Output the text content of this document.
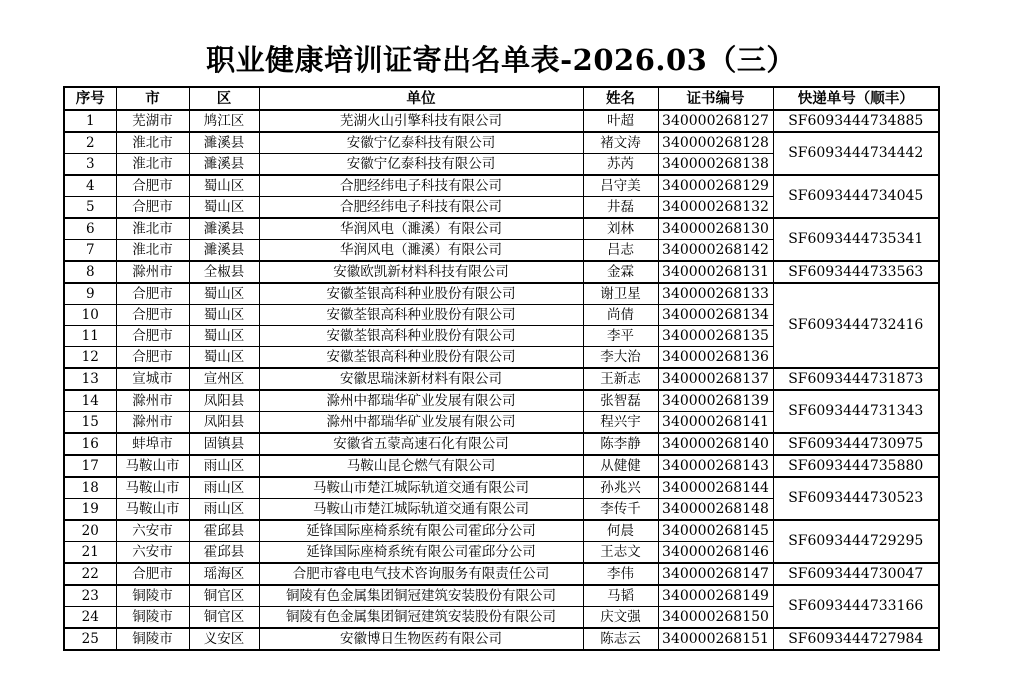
职业健康培训证寄出名单表-2026.03（三）
序号	市	区	单位	姓名	证书编号	快递单号（顺丰）
1	芜湖市	鸠江区	芜湖火山引擎科技有限公司	叶超	340000268127	SF6093444734885
2	淮北市	濉溪县	安徽宁亿泰科技有限公司	褚文涛	340000268128	SF6093444734442
3	淮北市	濉溪县	安徽宁亿泰科技有限公司	苏芮	340000268138	
4	合肥市	蜀山区	合肥经纬电子科技有限公司	吕守美	340000268129	SF6093444734045
5	合肥市	蜀山区	合肥经纬电子科技有限公司	井磊	340000268132	
6	淮北市	濉溪县	华润风电（濉溪）有限公司	刘林	340000268130	SF6093444735341
7	淮北市	濉溪县	华润风电（濉溪）有限公司	吕志	340000268142	
8	滁州市	全椒县	安徽欧凯新材料科技有限公司	金霖	340000268131	SF6093444733563
9	合肥市	蜀山区	安徽荃银高科种业股份有限公司	谢卫星	340000268133	SF6093444732416
10	合肥市	蜀山区	安徽荃银高科种业股份有限公司	尚倩	340000268134	
11	合肥市	蜀山区	安徽荃银高科种业股份有限公司	李平	340000268135	
12	合肥市	蜀山区	安徽荃银高科种业股份有限公司	李大治	340000268136	
13	宣城市	宣州区	安徽思瑞涞新材料有限公司	王新志	340000268137	SF6093444731873
14	滁州市	凤阳县	滁州中都瑞华矿业发展有限公司	张智磊	340000268139	SF6093444731343
15	滁州市	凤阳县	滁州中都瑞华矿业发展有限公司	程兴宇	340000268141	
16	蚌埠市	固镇县	安徽省五蒙高速石化有限公司	陈李静	340000268140	SF6093444730975
17	马鞍山市	雨山区	马鞍山昆仑燃气有限公司	从健健	340000268143	SF6093444735880
18	马鞍山市	雨山区	马鞍山市楚江城际轨道交通有限公司	孙兆兴	340000268144	SF6093444730523
19	马鞍山市	雨山区	马鞍山市楚江城际轨道交通有限公司	李传千	340000268148	
20	六安市	霍邱县	延锋国际座椅系统有限公司霍邱分公司	何晨	340000268145	SF6093444729295
21	六安市	霍邱县	延锋国际座椅系统有限公司霍邱分公司	王志文	340000268146	
22	合肥市	瑶海区	合肥市睿电电气技术咨询服务有限责任公司	李伟	340000268147	SF6093444730047
23	铜陵市	铜官区	铜陵有色金属集团铜冠建筑安装股份有限公司	马韬	340000268149	SF6093444733166
24	铜陵市	铜官区	铜陵有色金属集团铜冠建筑安装股份有限公司	庆文强	340000268150	
25	铜陵市	义安区	安徽博日生物医药有限公司	陈志云	340000268151	SF6093444727984
